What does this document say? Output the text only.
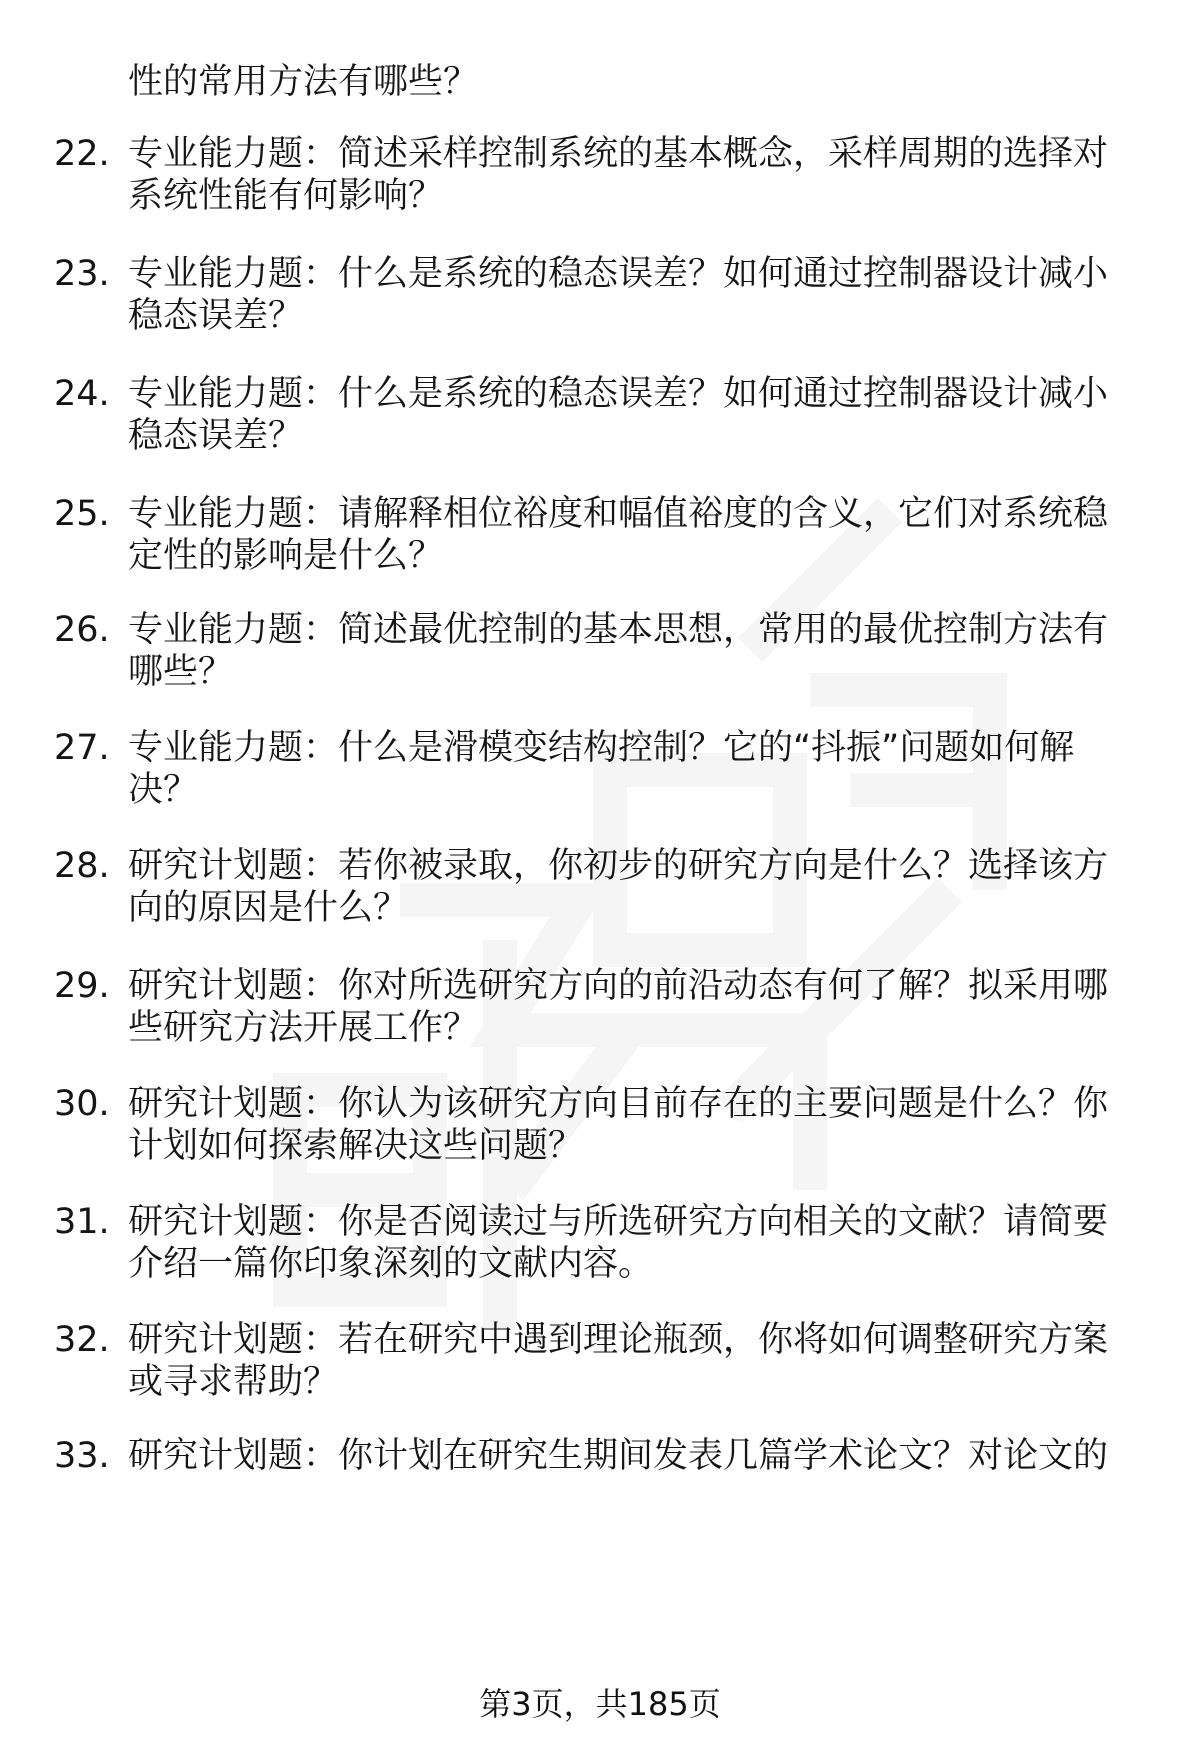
性的常用方法有哪些？
22. 专业能力题：简述采样控制系统的基本概念，采样周期的选择对
系统性能有何影响？
23. 专业能力题：什么是系统的稳态误差？如何通过控制器设计减小
稳态误差？
24. 专业能力题：什么是系统的稳态误差？如何通过控制器设计减小
稳态误差？
25. 专业能力题：请解释相位裕度和幅值裕度的含义，它们对系统稳
定性的影响是什么？
26. 专业能力题：简述最优控制的基本思想，常用的最优控制方法有
哪些？
27. 专业能力题：什么是滑模变结构控制？它的“抖振”问题如何解
决？
28. 研究计划题：若你被录取，你初步的研究方向是什么？选择该方
向的原因是什么？
29. 研究计划题：你对所选研究方向的前沿动态有何了解？拟采用哪
些研究方法开展工作？
30. 研究计划题：你认为该研究方向目前存在的主要问题是什么？你
计划如何探索解决这些问题？
31. 研究计划题：你是否阅读过与所选研究方向相关的文献？请简要
介绍一篇你印象深刻的文献内容。
32. 研究计划题：若在研究中遇到理论瓶颈，你将如何调整研究方案
或寻求帮助？
33. 研究计划题：你计划在研究生期间发表几篇学术论文？对论文的
第3页，共185页
